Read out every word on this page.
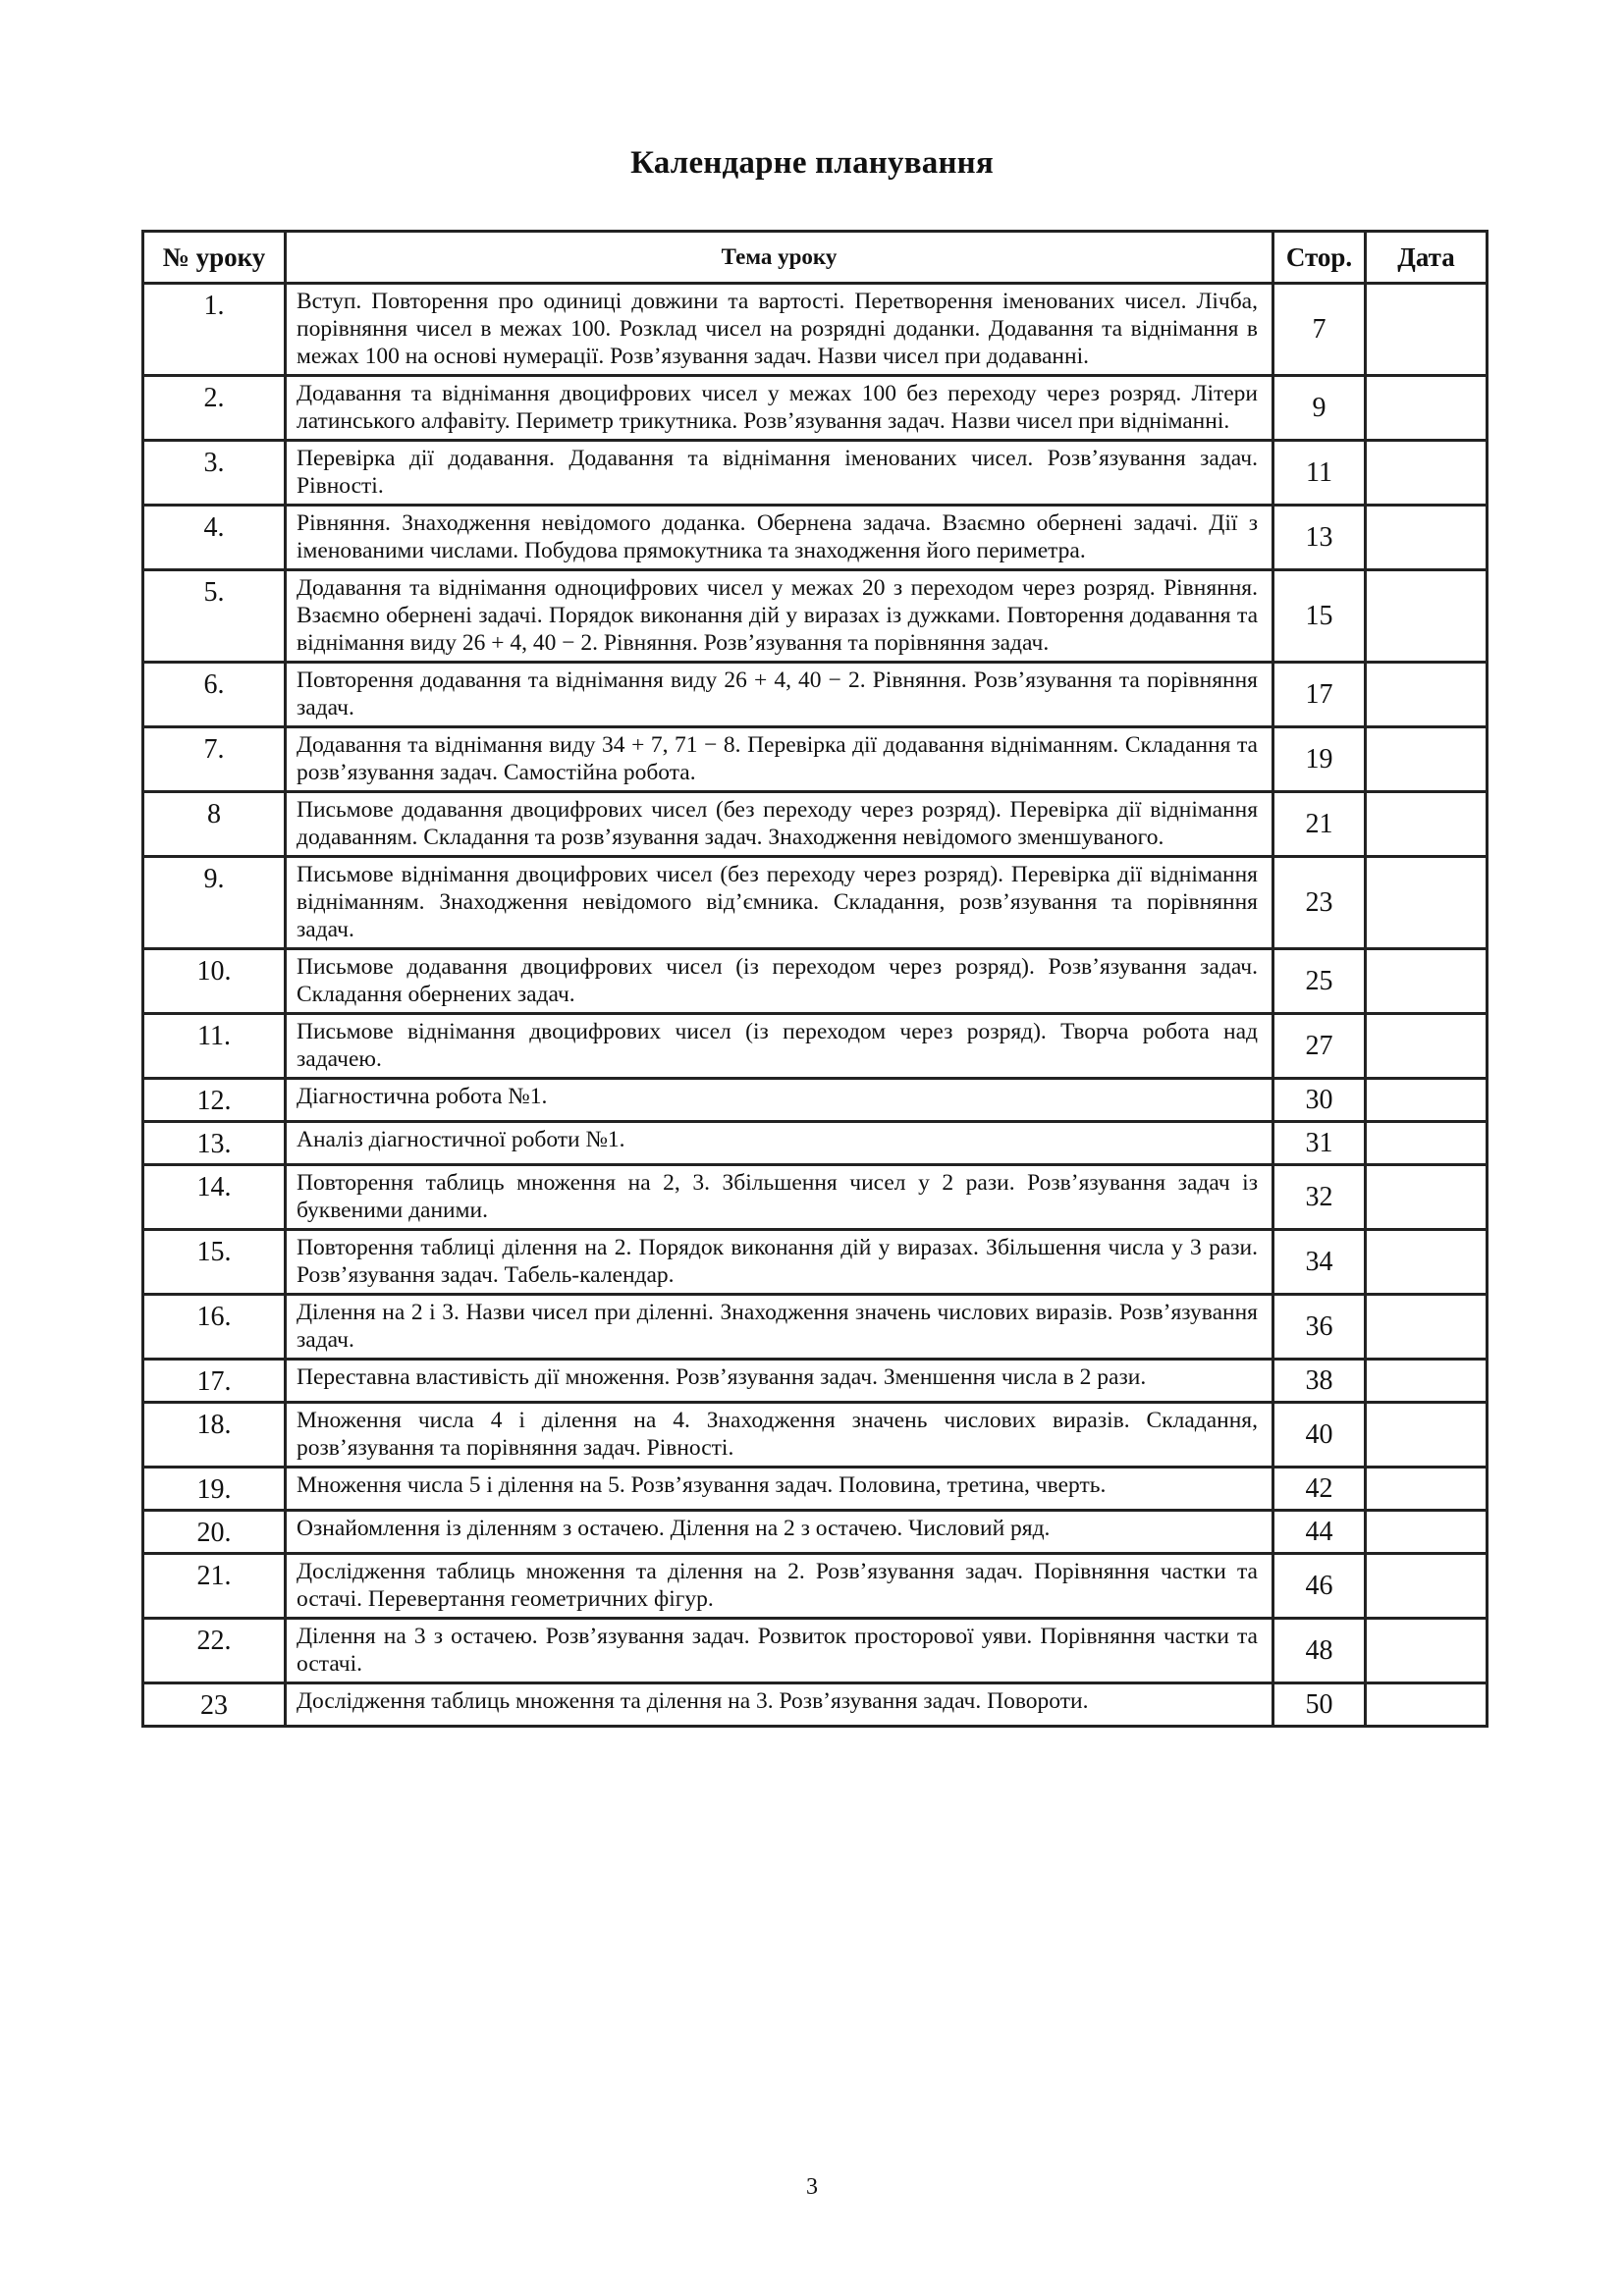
Календарне планування
№ уроку	Тема уроку	Стор.	Дата
1.	Вступ. Повторення про одиниці довжини та вартості. Перетворення іменованих чисел. Лічба, порівняння чисел в межах 100. Розклад чисел на розрядні доданки. Додавання та віднімання в межах 100 на основі нумерації. Розв’язування задач. Назви чисел при додаванні.	7	
2.	Додавання та віднімання двоцифрових чисел у межах 100 без переходу через розряд. Літери латинського алфавіту. Периметр трикутника. Розв’язування задач. Назви чисел при відніманні.	9	
3.	Перевірка дії додавання. Додавання та віднімання іменованих чисел. Розв’язування задач. Рівності.	11	
4.	Рівняння. Знаходження невідомого доданка. Обернена задача. Взаємно обернені задачі. Дії з іменованими числами. Побудова прямокутника та знаходження його периметра.	13	
5.	Додавання та віднімання одноцифрових чисел у межах 20 з переходом через розряд. Рівняння. Взаємно обернені задачі. Порядок виконання дій у виразах із дужками. Повторення додавання та віднімання виду 26 + 4, 40 − 2. Рівняння. Розв’язування та порівняння задач.	15	
6.	Повторення додавання та віднімання виду 26 + 4, 40 − 2. Рівняння. Розв’язування та порівняння задач.	17	
7.	Додавання та віднімання виду 34 + 7, 71 − 8. Перевірка дії додавання відніманням. Складання та розв’язування задач. Самостійна робота.	19	
8	Письмове додавання двоцифрових чисел (без переходу через розряд). Перевірка дії віднімання додаванням. Складання та розв’язування задач. Знаходження невідомого зменшуваного.	21	
9.	Письмове віднімання двоцифрових чисел (без переходу через розряд). Перевірка дії віднімання відніманням. Знаходження невідомого від’ємника. Складання, розв’язування та порівняння задач.	23	
10.	Письмове додавання двоцифрових чисел (із переходом через розряд). Розв’язування задач. Складання обернених задач.	25	
11.	Письмове віднімання двоцифрових чисел (із переходом через розряд). Творча робота над задачею.	27	
12.	Діагностична робота №1.	30	
13.	Аналіз діагностичної роботи №1.	31	
14.	Повторення таблиць множення на 2, 3. Збільшення чисел у 2 рази. Розв’язування задач із буквеними даними.	32	
15.	Повторення таблиці ділення на 2. Порядок виконання дій у виразах. Збільшення числа у 3 рази. Розв’язування задач. Табель-календар.	34	
16.	Ділення на 2 і 3. Назви чисел при діленні. Знаходження значень числових виразів. Розв’язування задач.	36	
17.	Переставна властивість дії множення. Розв’язування задач. Зменшення числа в 2 рази.	38	
18.	Множення числа 4 і ділення на 4. Знаходження значень числових виразів. Складання, розв’язування та порівняння задач. Рівності.	40	
19.	Множення числа 5 і ділення на 5. Розв’язування задач. Половина, третина, чверть.	42	
20.	Ознайомлення із діленням з остачею. Ділення на 2 з остачею. Числовий ряд.	44	
21.	Дослідження таблиць множення та ділення на 2. Розв’язування задач. Порівняння частки та остачі. Перевертання геометричних фігур.	46	
22.	Ділення на 3 з остачею. Розв’язування задач. Розвиток просторової уяви. Порівняння частки та остачі.	48	
23	Дослідження таблиць множення та ділення на 3. Розв’язування задач. Повороти.	50	
3
